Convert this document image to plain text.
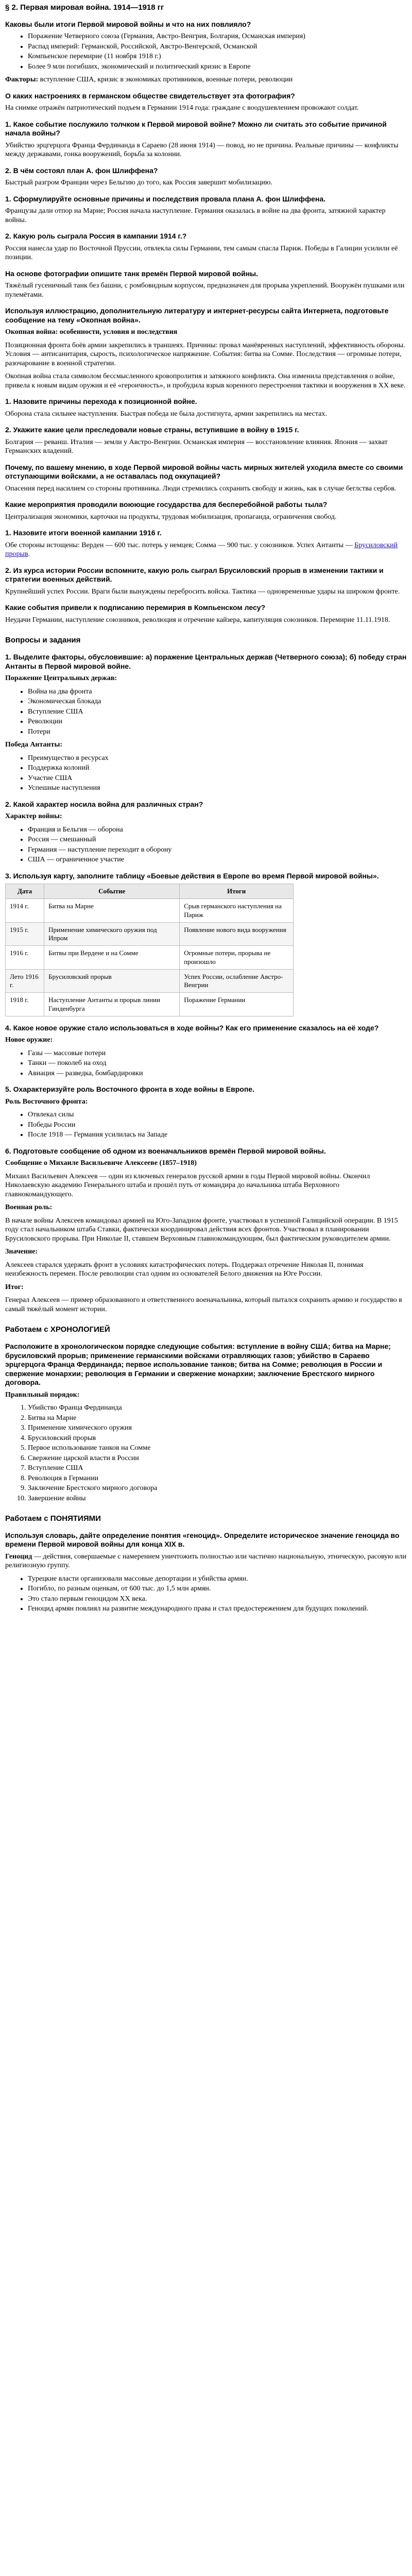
§ 2. Первая мировая война. 1914—1918 гг
Каковы были итоги Первой мировой войны и что на них повлияло?
• Поражение Четверного союза (Германия, Австро-Венгрия, Болгария, Османская империя)
• Распад империй: Германской, Российской, Австро-Венгерской, Османской
• Компьенское перемирие (11 ноября 1918 г.)
• Более 9 млн погибших, экономический и политический кризис в Европе

Факторы: вступление США, кризис в экономиках противников, военные потери, революции

О каких настроениях в германском обществе свидетельствует эта фотография?

На снимке отражён патриотический подъем в Германии 1914 года: граждане с воодушевлением провожают солдат.

1. Какое событие послужило толчком к Первой мировой войне? Можно ли считать это событие причиной начала войны?

Убийство эрцгерцога Франца Фердинанда в Сараево (28 июня 1914) — повод, но не причина. Реальные причины — конфликты между державами, гонка вооружений, борьба за колонии.

2. В чём состоял план А. фон Шлиффена?

Быстрый разгром Франции через Бельгию до того, как Россия завершит мобилизацию.

1. Сформулируйте основные причины и последствия провала плана А. фон Шлиффена.

Французы дали отпор на Марне; Россия начала наступление. Германия оказалась в войне на два фронта, затяжной характер войны.

2. Какую роль сыграла Россия в кампании 1914 г.?

Россия нанесла удар по Восточной Пруссии, отвлекла силы Германии, тем самым спасла Париж. Победы в Галиции усилили её позиции.

На основе фотографии опишите танк времён Первой мировой войны.

Тяжёлый гусеничный танк без башни, с ромбовидным корпусом, предназначен для прорыва укреплений. Вооружён пушками или пулемётами.

Используя иллюстрацию, дополнительную литературу и интернет-ресурсы сайта Интернета, подготовьте сообщение на тему «Окопная война».

Окопная война: особенности, условия и последствия

Позиционная фронта боёв армии закрепились в траншеях. Причины: провал манёвренных наступлений, эффективность обороны. Условия — антисанитария, сырость, психологическое напряжение. События: битва на Сомме. Последствия — огромные потери, разочарование в военной стратегии.

Окопная война стала символом бессмысленного кровопролития и затяжного конфликта. Она изменила представления о войне, привела к новым видам оружия и её «героичность», и пробудила взрыв коренного перестроения тактики и вооружения в XX веке.

1. Назовите причины перехода к позиционной войне.

Оборона стала сильнее наступления. Быстрая победа не была достигнута, армии закрепились на местах.

2. Укажите какие цели преследовали новые страны, вступившие в войну в 1915 г.

Болгария — реванш. Италия — земли у Австро-Венгрии. Османская империя — восстановление влияния. Япония — захват Германских владений.

Почему, по вашему мнению, в ходе Первой мировой войны часть мирных жителей уходила вместе со своими отступающими войсками, а не оставалась под оккупацией?

Опасения перед насилием со стороны противника. Люди стремились сохранить свободу и жизнь, как в случае беглства сербов.

Какие мероприятия проводили воюющие государства для бесперебойной работы тыла?

Централизация экономики, карточки на продукты, трудовая мобилизация, пропаганда, ограничения свобод.

1. Назовите итоги военной кампании 1916 г.

Обе стороны истощены: Верден — 600 тыс. потерь у немцев; Сомма — 900 тыс. у союзников. Успех Антанты — Брусиловский прорыв.

2. Из курса истории России вспомните, какую роль сыграл Брусиловский прорыв в изменении тактики и стратегии военных действий.

Крупнейший успех России. Враги были вынуждены перебросить войска. Тактика — одновременные удары на широком фронте.

Какие события привели к подписанию перемирия в Компьенском лесу?

Неудачи Германии, наступление союзников, революция и отречение кайзера, капитуляция союзников. Перемирие 11.11.1918.

Вопросы и задания
1. Выделите факторы, обусловившие: а) поражение Центральных держав (Четверного союза); б) победу стран Антанты в Первой мировой войне.

Поражение Центральных держав:

• Война на два фронта
• Экономическая блокада
• Вступление США
• Революции
• Потери

Победа Антанты:

• Преимущество в ресурсах
• Поддержка колоний
• Участие США
• Успешные наступления
2. Какой характер носила война для различных стран?

Характер войны:

• Франция и Бельгия — оборона
• Россия — смешанный
• Германия — наступление переходит в оборону
• США — ограниченное участие
3. Используя карту, заполните таблицу «Боевые действия в Европе во время Первой мировой войны».
Дата	Событие	Итоги
1914 г.	Битва на Марне	Срыв германского наступления на Париж
1915 г.	Применение химического оружия под Ипром	Появление нового вида вооружения
1916 г.	Битвы при Вердене и на Сомме	Огромные потери, прорыва не произошло
Лето 1916 г.	Брусиловский прорыв	Успех России, ослабление Австро-Венгрии
1918 г.	Наступление Антанты и прорыв линии Гинденбурга	Поражение Германии
4. Какое новое оружие стало использоваться в ходе войны? Как его применение сказалось на её ходе?

Новое оружие:

• Газы — массовые потери
• Танки — поколеб на оход
• Авиация — разведка, бомбардировки
5. Охарактеризуйте роль Восточного фронта в ходе войны в Европе.

Роль Восточного фронта:

• Отвлекал силы
• Победы России
• После 1918 — Германия усилилась на Западе
6. Подготовьте сообщение об одном из военачальников времён Первой мировой войны.

Сообщение о Михаиле Васильевиче Алексееве (1857–1918)

Михаил Васильевич Алексеев — один из ключевых генералов русской армии в годы Первой мировой войны. Окончил Николаевскую академию Генерального штаба и прошёл путь от командира до начальника штаба Верховного главнокомандующего.

Военная роль:

В начале войны Алексеев командовал армией на Юго-Западном фронте, участвовал в успешной Галицийской операции. В 1915 году стал начальником штаба Ставки, фактически координировал действия всех фронтов. Участвовал в планировании Брусиловского прорыва. При Николае II, ставшем Верховным главнокомандующим, был фактическим руководителем армии.

Значение:

Алексеев старался удержать фронт в условиях катастрофических потерь. Поддержал отречение Николая II, понимая неизбежность перемен. После революции стал одним из основателей Белого движения на Юге России.

Итог:

Генерал Алексеев — пример образованного и ответственного военачальника, который пытался сохранить армию и государство в самый тяжёлый момент истории.

Работаем с ХРОНОЛОГИЕЙ
Расположите в хронологическом порядке следующие события: вступление в войну США; битва на Марне; брусиловский прорыв; применение германскими войсками отравляющих газов; убийство в Сараево эрцгерцога Франца Фердинанда; первое использование танков; битва на Сомме; революция в России и свержение монархии; революция в Германии и свержение монархии; заключение Брестского мирного договора.

Правильный порядок:

1. Убийство Франца Фердинанда
2. Битва на Марне
3. Применение химического оружия
4. Брусиловский прорыв
5. Первое использование танков на Сомме
6. Свержение царской власти в России
7. Вступление США
8. Революция в Германии
9. Заключение Брестского мирного договора
10. Завершение войны
Работаем с ПОНЯТИЯМИ
Используя словарь, дайте определение понятия «геноцид». Определите историческое значение геноцида во времени Первой мировой войны для конца XIX в.

Геноцид — действия, совершаемые с намерением уничтожить полностью или частично национальную, этническую, расовую или религиозную группу.

• Турецкие власти организовали массовые депортации и убийства армян.
• Погибло, по разным оценкам, от 600 тыс. до 1,5 млн армян.
• Это стало первым геноцидом XX века.
• Геноцид армян повлиял на развитие международного права и стал предостережением для будущих поколений.
